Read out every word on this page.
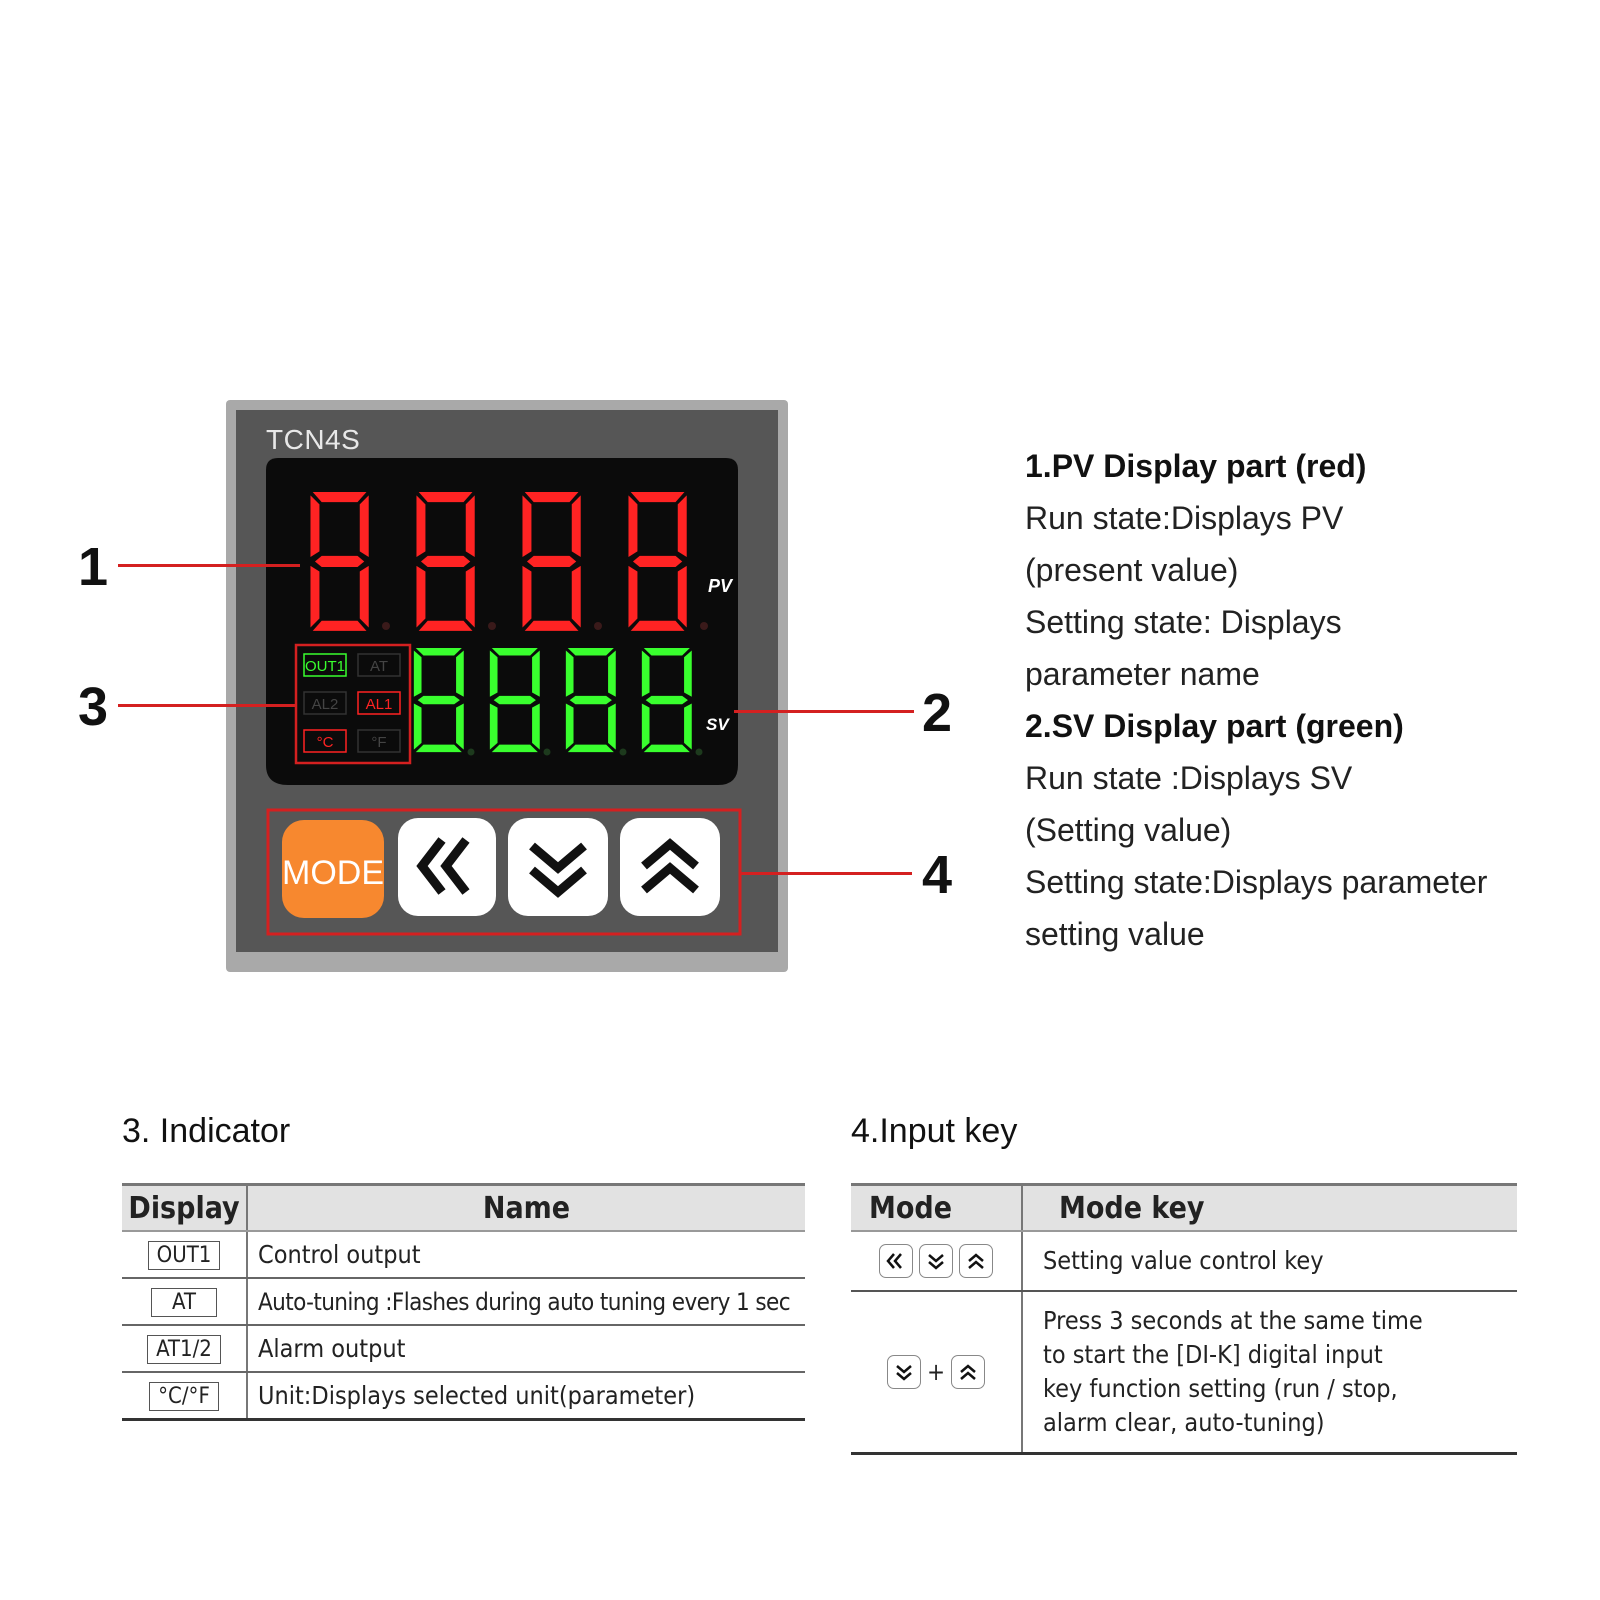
PV
SV
OUT1 AT
AL2 AL1
°C	°F
MODE
TCN4S
1
3	2
4
1.PV Display part (red)
Run state:Displays PV
(present value)
Setting state: Displays
parameter name
2.SV Display part (green)
Run state :Displays SV
(Setting value)
Setting state:Displays parameter
setting value
3. Indicator
Display	Name
OUT1	Control output
AT	Auto-tuning :Flashes during auto tuning every 1 sec
AT1/2	Alarm output
°C/°F	Unit:Displays selected unit(parameter)
4.Input key
Mode	Mode key

	Setting value control key

+	Press 3 seconds at the same time
to start the [DI-K] digital input
key function setting (run / stop,
alarm clear, auto-tuning)
